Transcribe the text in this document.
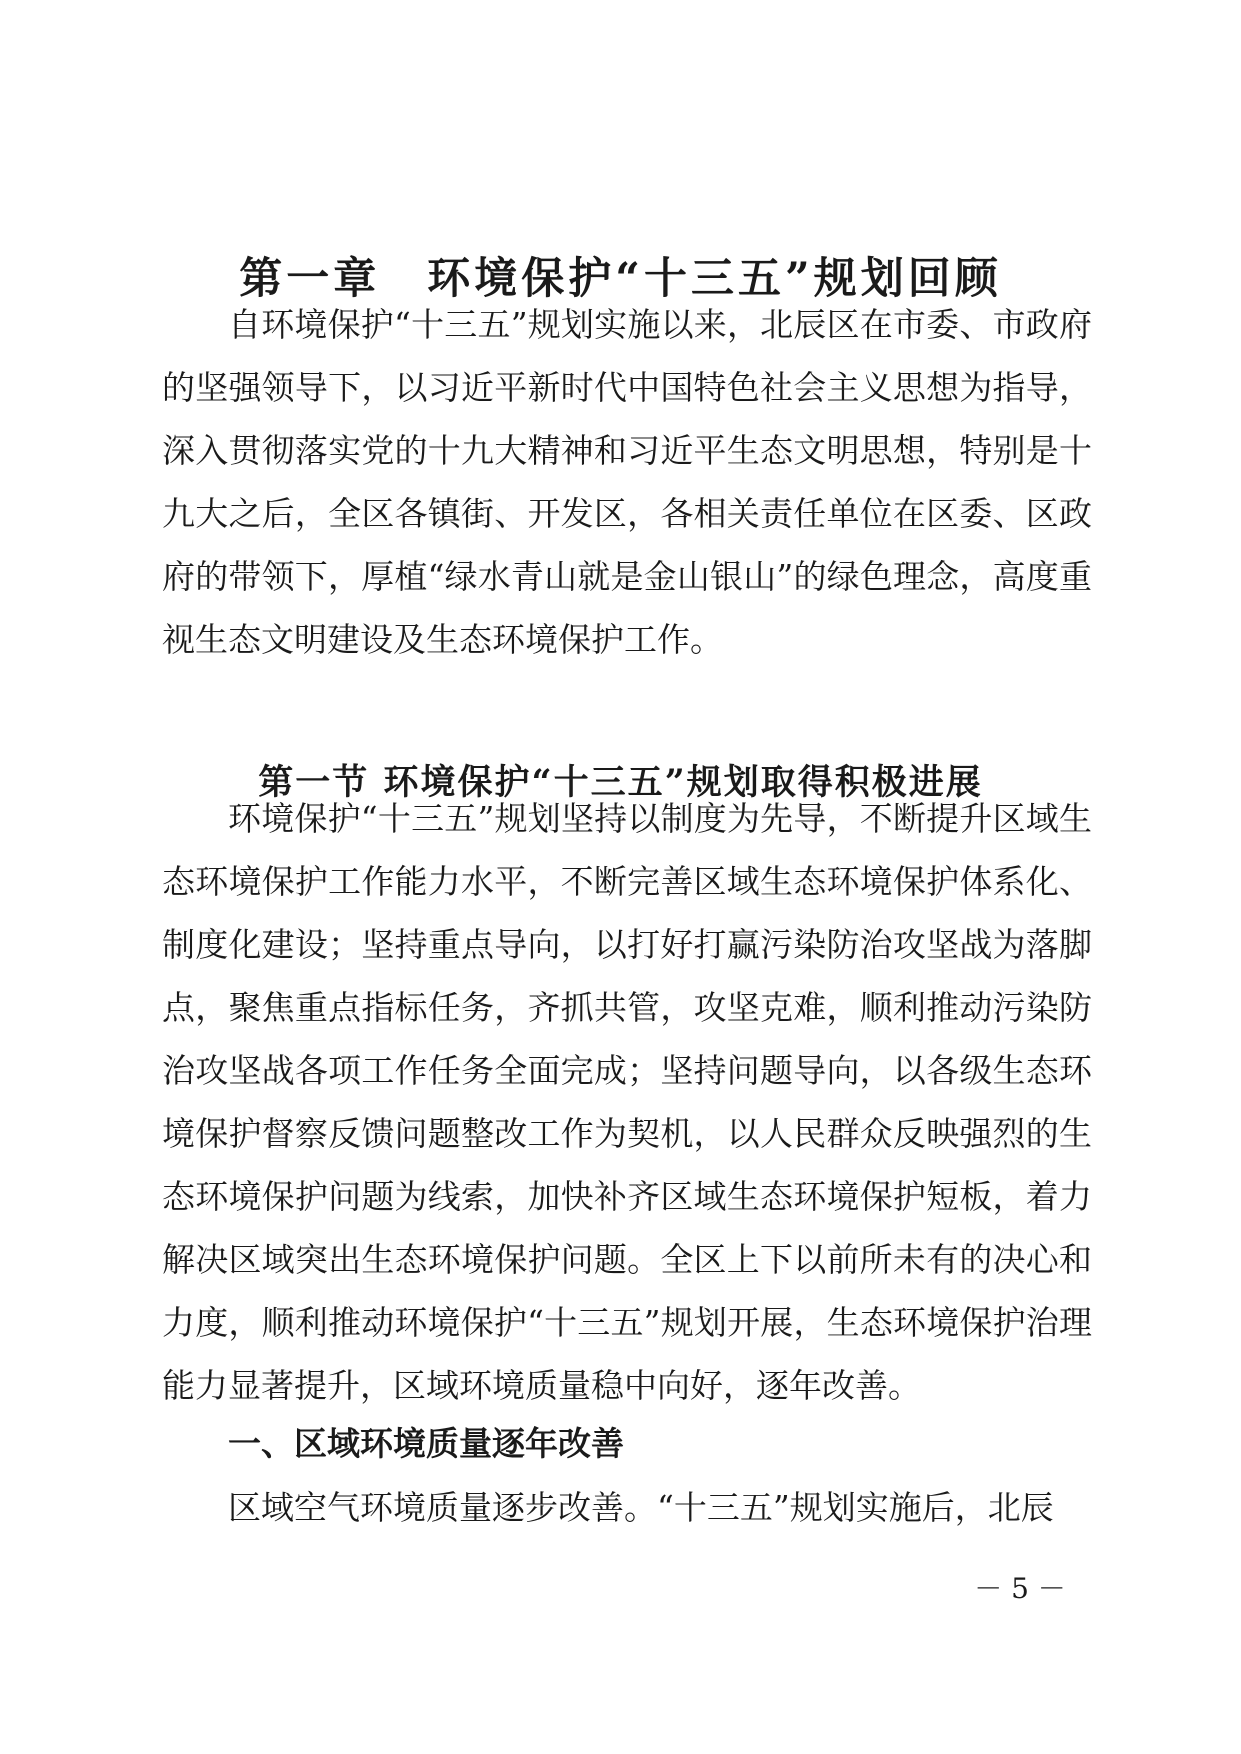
第一章　环境保护“十三五”规划回顾

自环境保护“十三五”规划实施以来，北辰区在市委、市政府的坚强领导下，以习近平新时代中国特色社会主义思想为指导，深入贯彻落实党的十九大精神和习近平生态文明思想，特别是十九大之后，全区各镇街、开发区，各相关责任单位在区委、区政府的带领下，厚植“绿水青山就是金山银山”的绿色理念，高度重视生态文明建设及生态环境保护工作。

第一节 环境保护“十三五”规划取得积极进展

环境保护“十三五”规划坚持以制度为先导，不断提升区域生态环境保护工作能力水平，不断完善区域生态环境保护体系化、制度化建设；坚持重点导向，以打好打赢污染防治攻坚战为落脚点，聚焦重点指标任务，齐抓共管，攻坚克难，顺利推动污染防治攻坚战各项工作任务全面完成；坚持问题导向，以各级生态环境保护督察反馈问题整改工作为契机，以人民群众反映强烈的生态环境保护问题为线索，加快补齐区域生态环境保护短板，着力解决区域突出生态环境保护问题。全区上下以前所未有的决心和力度，顺利推动环境保护“十三五”规划开展，生态环境保护治理能力显著提升，区域环境质量稳中向好，逐年改善。

一、区域环境质量逐年改善

区域空气环境质量逐步改善。“十三五”规划实施后，北辰

－ 5 －
